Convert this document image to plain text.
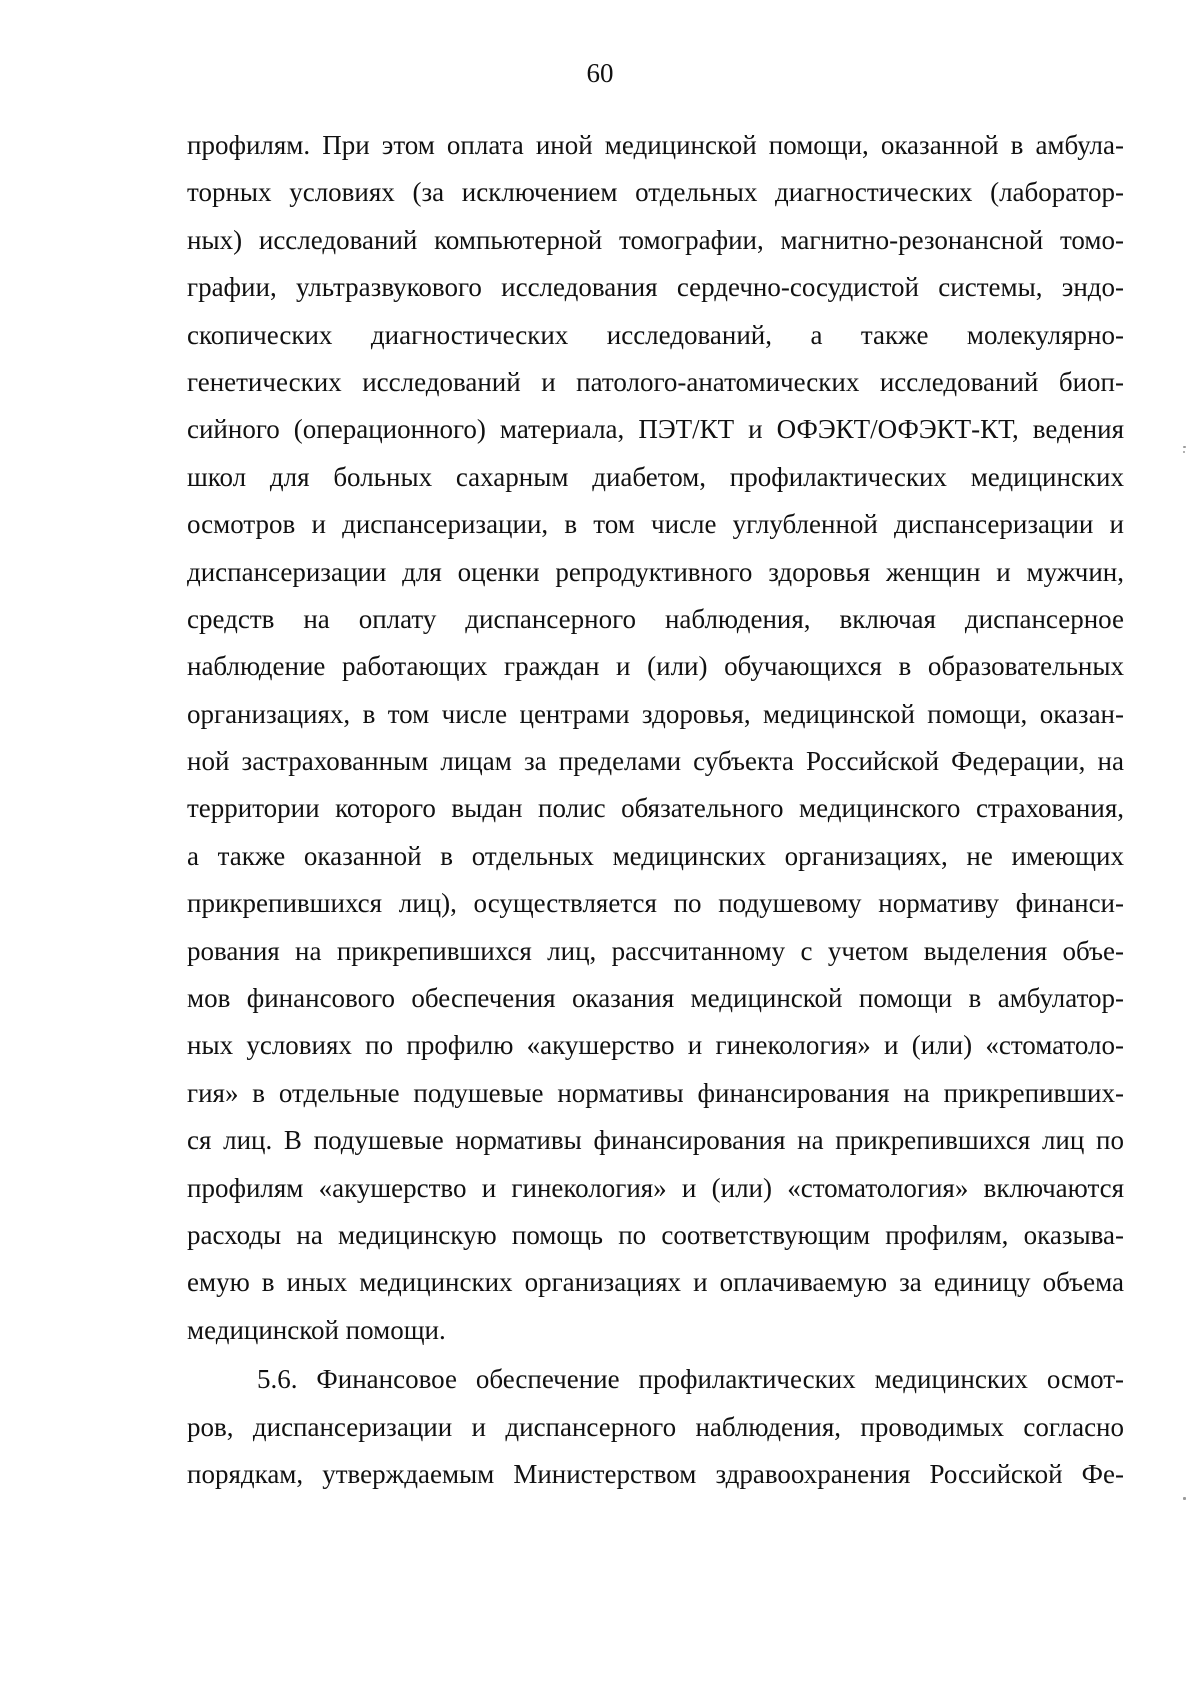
60
профилям. При этом оплата иной медицинской помощи, оказанной в амбула-
торных условиях (за исключением отдельных диагностических (лаборатор-
ных) исследований компьютерной томографии, магнитно-резонансной томо-
графии, ультразвукового исследования сердечно-сосудистой системы, эндо-
скопических диагностических исследований, а также молекулярно-
генетических исследований и патолого-анатомических исследований биоп-
сийного (операционного) материала, ПЭТ/КТ и ОФЭКТ/ОФЭКТ-КТ, ведения
школ для больных сахарным диабетом, профилактических медицинских
осмотров и диспансеризации, в том числе углубленной диспансеризации и
диспансеризации для оценки репродуктивного здоровья женщин и мужчин,
средств на оплату диспансерного наблюдения, включая диспансерное
наблюдение работающих граждан и (или) обучающихся в образовательных
организациях, в том числе центрами здоровья, медицинской помощи, оказан-
ной застрахованным лицам за пределами субъекта Российской Федерации, на
территории которого выдан полис обязательного медицинского страхования,
а также оказанной в отдельных медицинских организациях, не имеющих
прикрепившихся лиц), осуществляется по подушевому нормативу финанси-
рования на прикрепившихся лиц, рассчитанному с учетом выделения объе-
мов финансового обеспечения оказания медицинской помощи в амбулатор-
ных условиях по профилю «акушерство и гинекология» и (или) «стоматоло-
гия» в отдельные подушевые нормативы финансирования на прикрепивших-
ся лиц. В подушевые нормативы финансирования на прикрепившихся лиц по
профилям «акушерство и гинекология» и (или) «стоматология» включаются
расходы на медицинскую помощь по соответствующим профилям, оказыва-
емую в иных медицинских организациях и оплачиваемую за единицу объема
медицинской помощи.
5.6. Финансовое обеспечение профилактических медицинских осмот-
ров, диспансеризации и диспансерного наблюдения, проводимых согласно
порядкам, утверждаемым Министерством здравоохранения Российской Фе-
